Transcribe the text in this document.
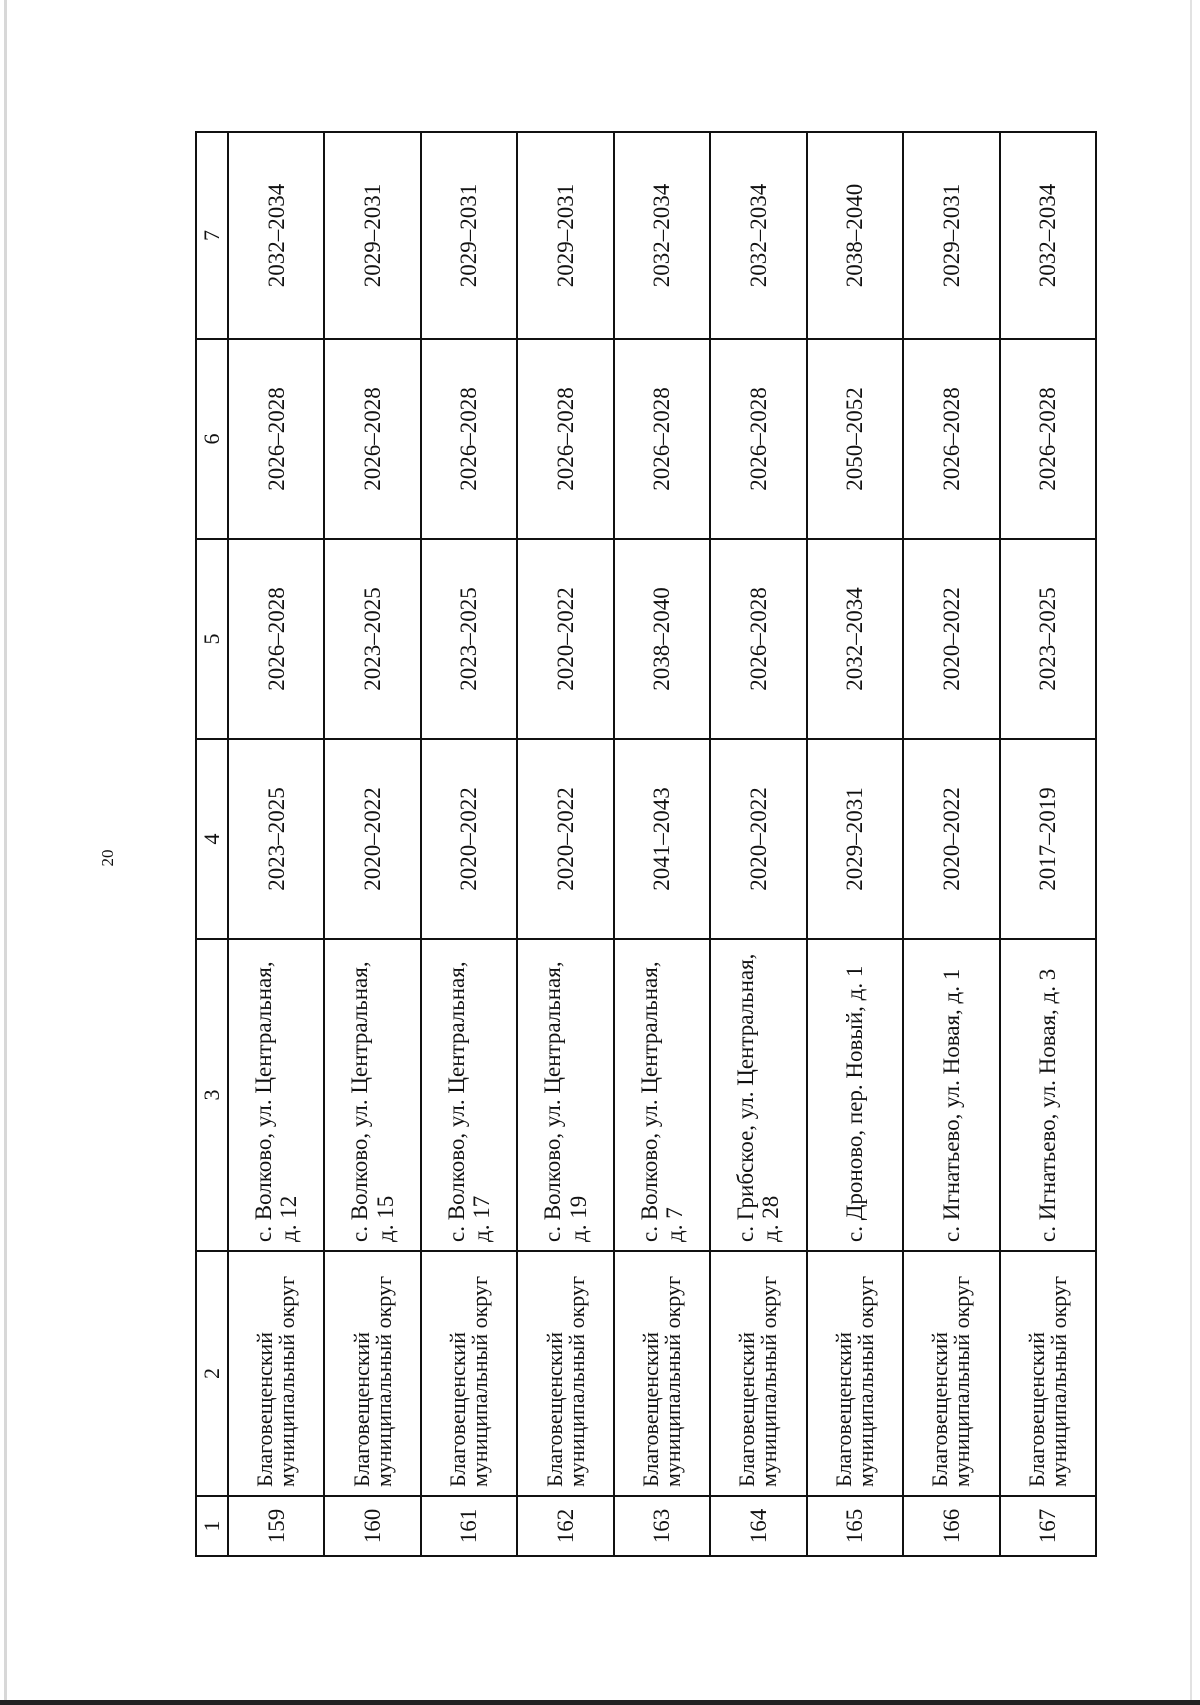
20
1	2	3	4	5	6	7
159	Благовещенский муниципальный округ	с. Волково, ул. Центральная, д. 12	2023–2025	2026–2028	2026–2028	2032–2034
160	Благовещенский муниципальный округ	с. Волково, ул. Центральная, д. 15	2020–2022	2023–2025	2026–2028	2029–2031
161	Благовещенский муниципальный округ	с. Волково, ул. Центральная, д. 17	2020–2022	2023–2025	2026–2028	2029–2031
162	Благовещенский муниципальный округ	с. Волково, ул. Центральная, д. 19	2020–2022	2020–2022	2026–2028	2029–2031
163	Благовещенский муниципальный округ	с. Волково, ул. Центральная, д. 7	2041–2043	2038–2040	2026–2028	2032–2034
164	Благовещенский муниципальный округ	с. Грибское, ул. Центральная, д. 28	2020–2022	2026–2028	2026–2028	2032–2034
165	Благовещенский муниципальный округ	с. Дроново, пер. Новый, д. 1	2029–2031	2032–2034	2050–2052	2038–2040
166	Благовещенский муниципальный округ	с. Игнатьево, ул. Новая, д. 1	2020–2022	2020–2022	2026–2028	2029–2031
167	Благовещенский муниципальный округ	с. Игнатьево, ул. Новая, д. 3	2017–2019	2023–2025	2026–2028	2032–2034
